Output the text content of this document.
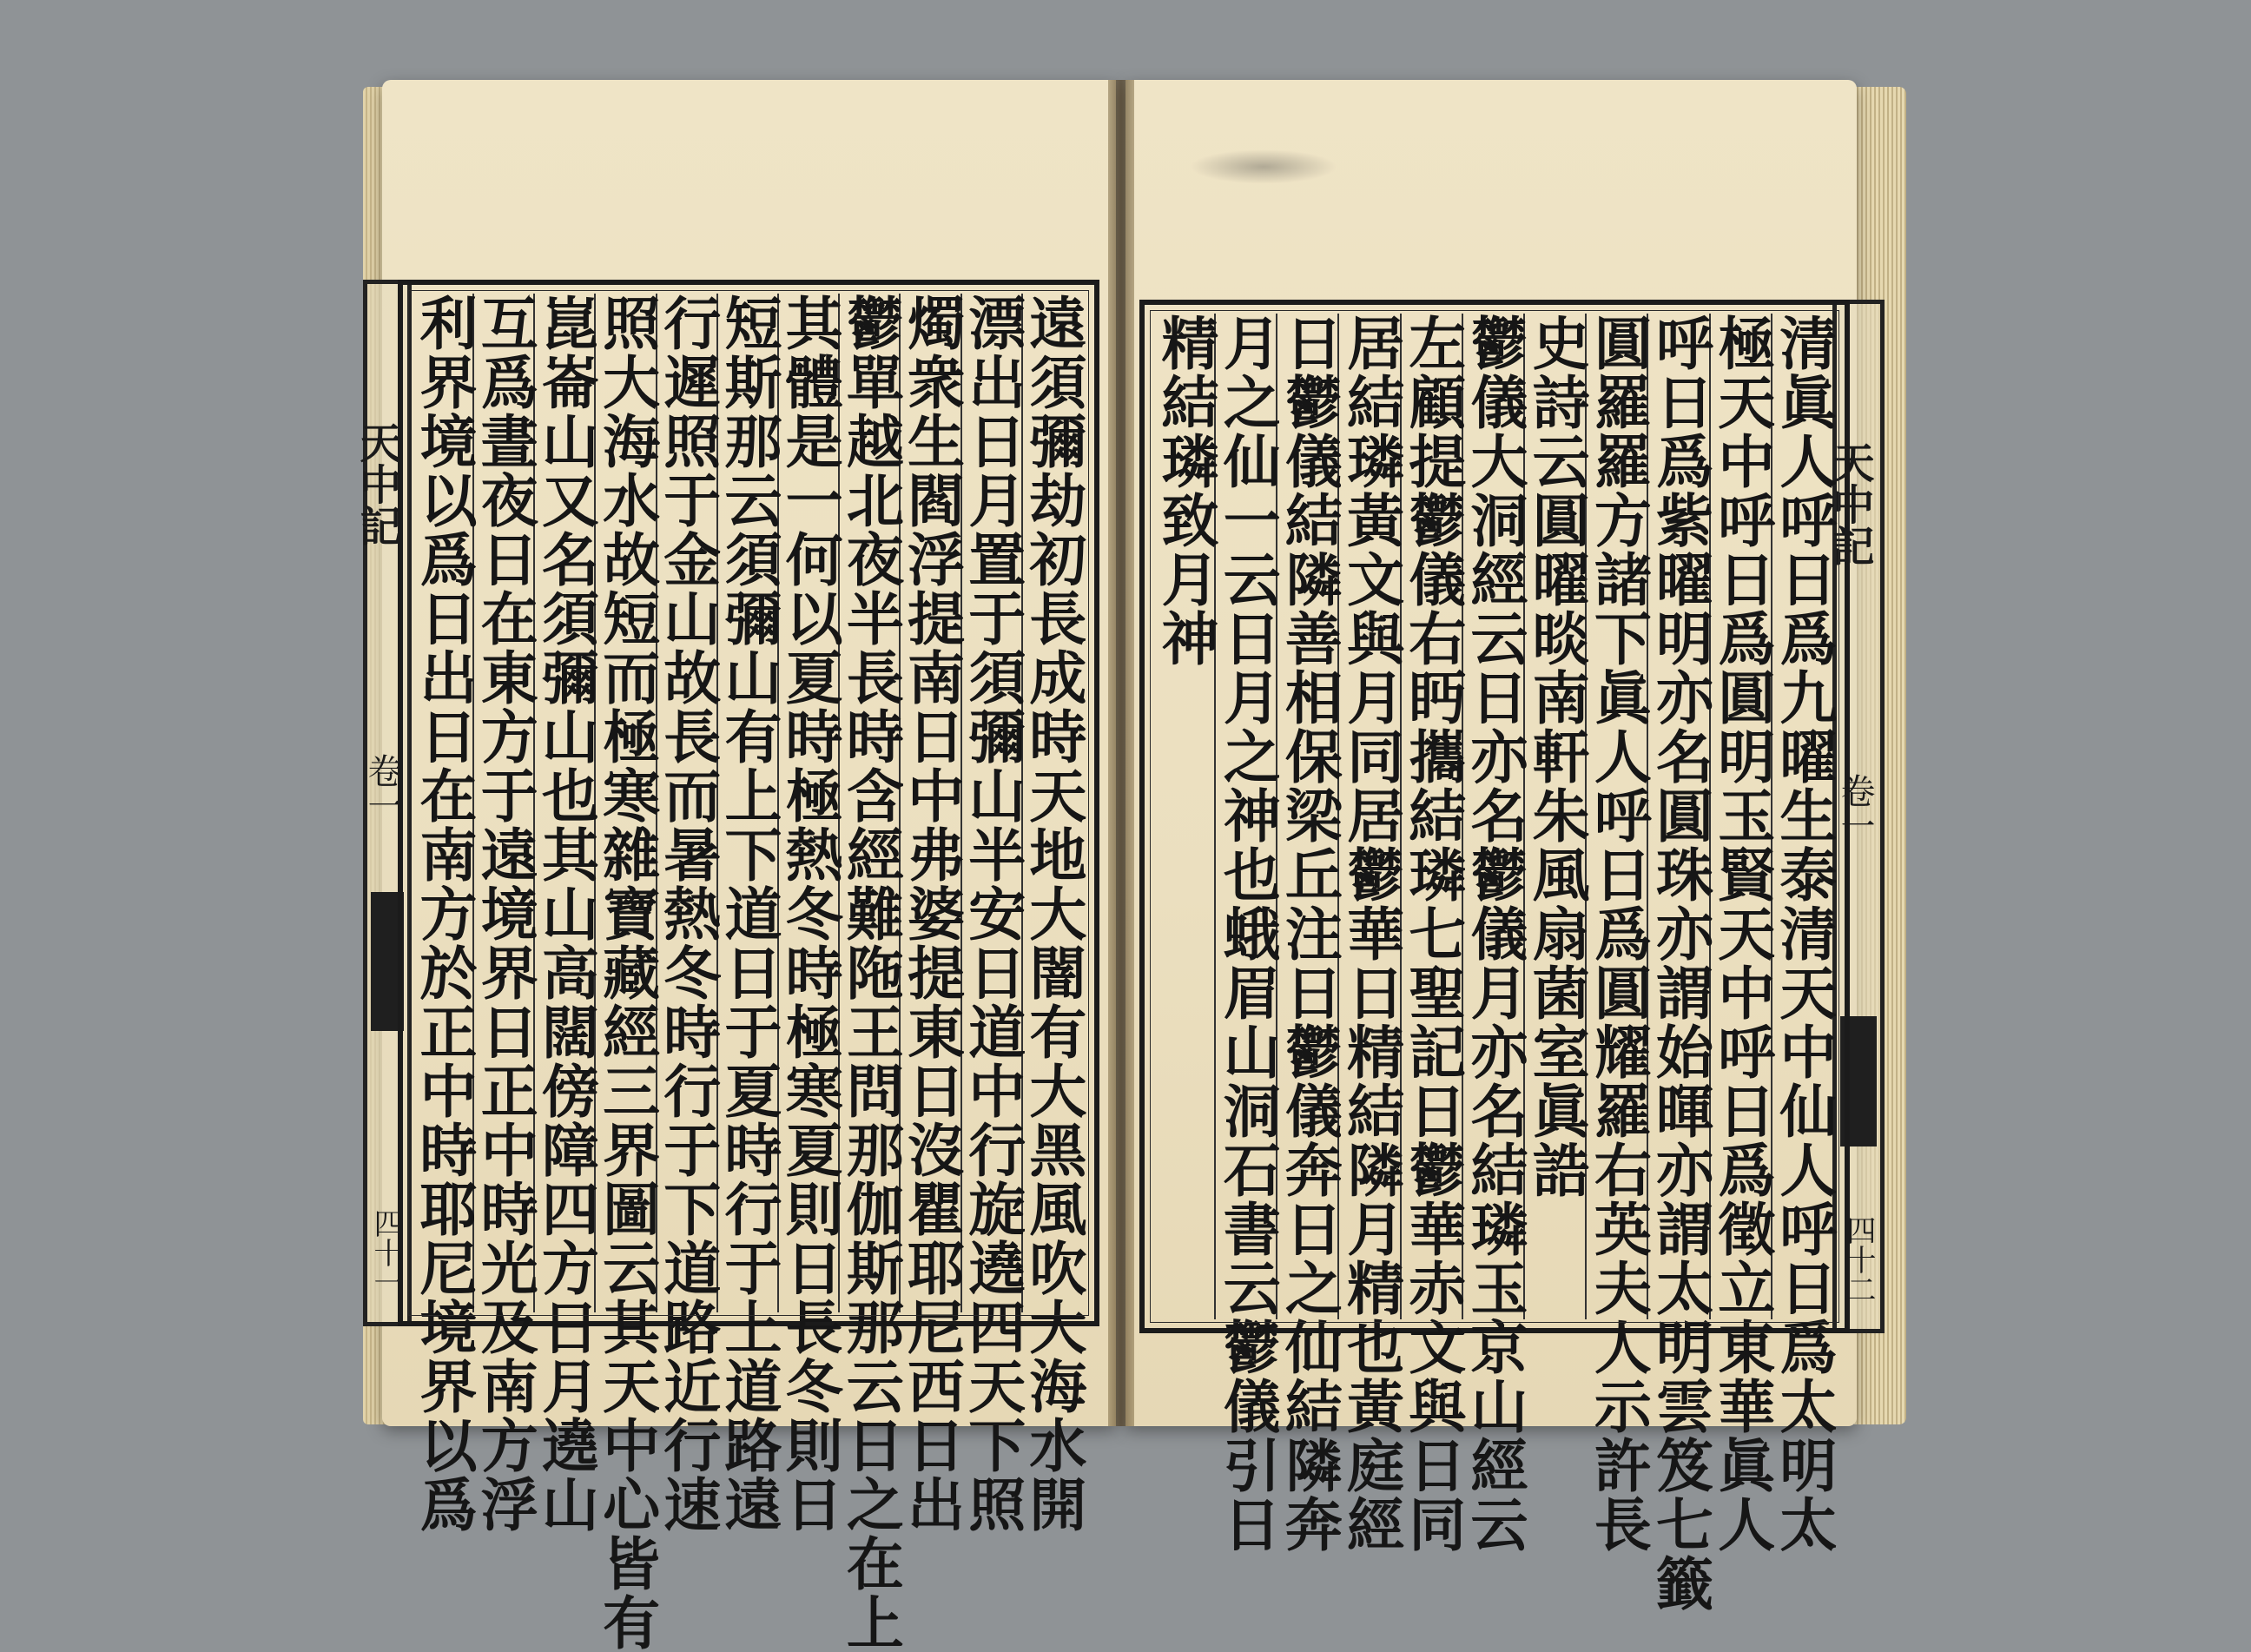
天中記
卷一
四十一
天中記
卷一
四十二
遠須彌劫初長成時天地大闇有大黑風吹大海水開
漂出日月置于須彌山半安日道中行旋遶四天下照
燭衆生閻浮提南日中弗婆提東日沒瞿耶尼西日出
鬱單越北夜半長時含經難陁王問那伽斯那云日之在上
其體是一何以夏時極熱冬時極寒夏則日長冬則日
短斯那云須彌山有上下道日于夏時行于上道路遠
行遲照于金山故長而暑熱冬時行于下道路近行速
照大海水故短而極寒雜寶藏經三界圖云其天中心皆有
崑崙山又名須彌山也其山高闊傍障四方日月遶山
互爲晝夜日在東方于遠境界日正中時光及南方浮
利界境以爲日出日在南方於正中時耶尼境界以爲	清眞人呼日爲九曜生泰清天中仙人呼日爲太明太
極天中呼日爲圓明玉賢天中呼日爲徵立東華眞人
呼日爲紫曜明亦名圓珠亦謂始暉亦謂太明雲笈七籤
圓羅羅方諸下眞人呼日爲圓耀羅右英夫人示許長
史詩云圓曜晱南軒朱風扇菌室眞誥
鬱儀大洞經云日亦名鬱儀月亦名結璘玉京山經云
左顧提鬱儀右眄攜結璘七聖記日鬱華赤文與日同
居結璘黃文與月同居鬱華日精結隣月精也黃庭經
日鬱儀結隣善相保梁丘注日鬱儀奔日之仙結隣奔
月之仙一云日月之神也蛾眉山洞石書云鬱儀引日
精結璘致月神
